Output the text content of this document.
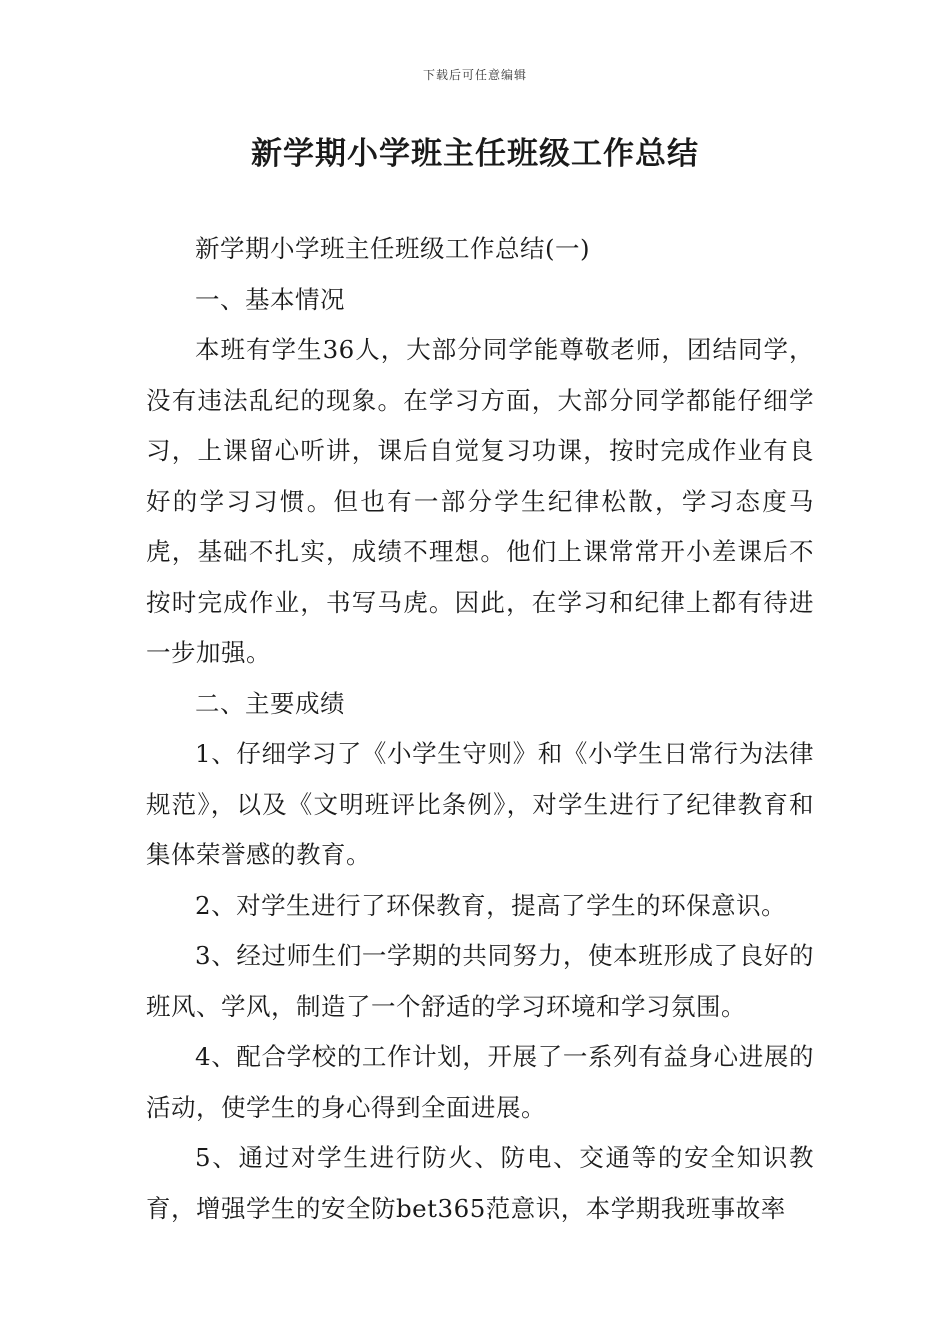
下载后可任意编辑
新学期小学班主任班级工作总结

新学期小学班主任班级工作总结(一)

一、基本情况

本班有学生36人，大部分同学能尊敬老师，团结同学，没有违法乱纪的现象。在学习方面，大部分同学都能仔细学习，上课留心听讲，课后自觉复习功课，按时完成作业有良好的学习习惯。但也有一部分学生纪律松散，学习态度马虎，基础不扎实，成绩不理想。他们上课常常开小差课后不按时完成作业，书写马虎。因此，在学习和纪律上都有待进一步加强。

二、主要成绩

1、仔细学习了《小学生守则》和《小学生日常行为法律规范》，以及《文明班评比条例》，对学生进行了纪律教育和集体荣誉感的教育。

2、对学生进行了环保教育，提高了学生的环保意识。

3、经过师生们一学期的共同努力，使本班形成了良好的班风、学风，制造了一个舒适的学习环境和学习氛围。

4、配合学校的工作计划，开展了一系列有益身心进展的活动，使学生的身心得到全面进展。

5、通过对学生进行防火、防电、交通等的安全知识教育，增强学生的安全防bet365范意识，本学期我班事故率
